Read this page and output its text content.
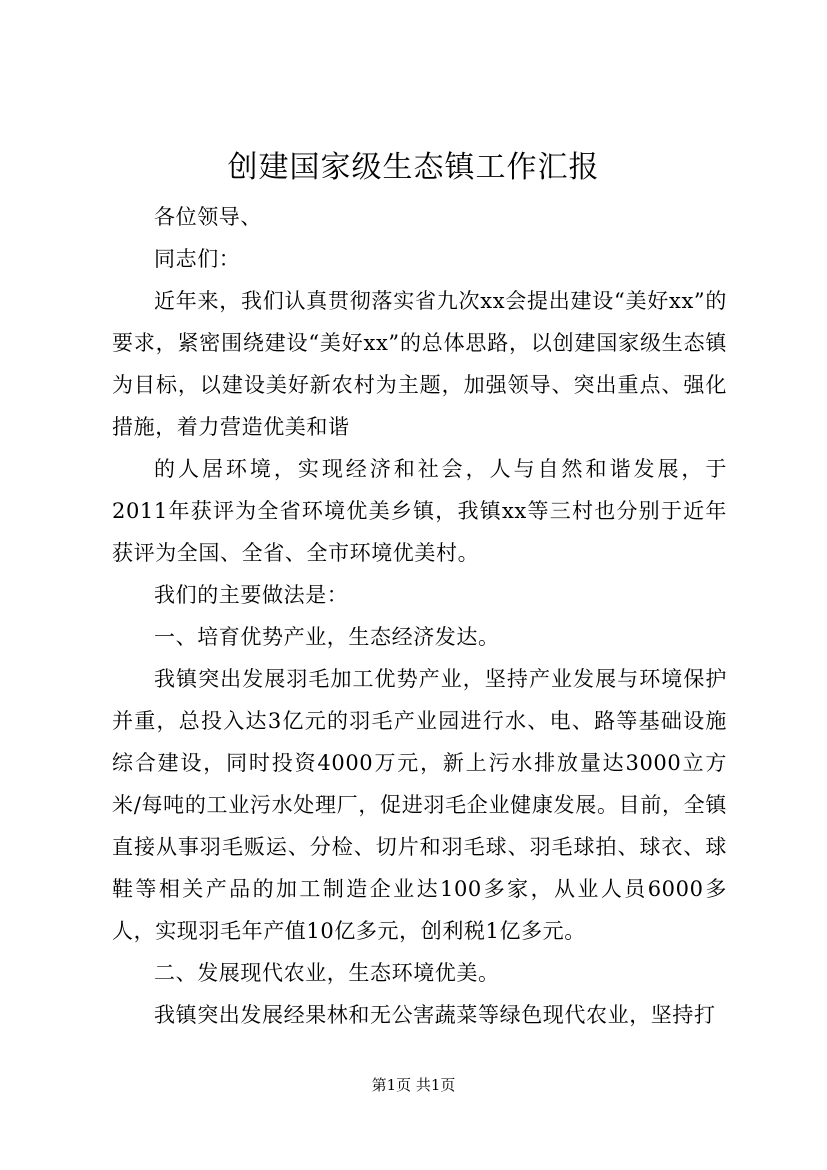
创建国家级生态镇工作汇报

各位领导、

同志们：

近年来，我们认真贯彻落实省九次xx会提出建设“美好xx”的要求，紧密围绕建设“美好xx”的总体思路，以创建国家级生态镇为目标，以建设美好新农村为主题，加强领导、突出重点、强化措施，着力营造优美和谐

的人居环境，实现经济和社会，人与自然和谐发展，于2011年获评为全省环境优美乡镇，我镇xx等三村也分别于近年获评为全国、全省、全市环境优美村。

我们的主要做法是：

一、培育优势产业，生态经济发达。

我镇突出发展羽毛加工优势产业，坚持产业发展与环境保护并重，总投入达3亿元的羽毛产业园进行水、电、路等基础设施综合建设，同时投资4000万元，新上污水排放量达3000立方米/每吨的工业污水处理厂，促进羽毛企业健康发展。目前，全镇直接从事羽毛贩运、分检、切片和羽毛球、羽毛球拍、球衣、球鞋等相关产品的加工制造企业达100多家，从业人员6000多人，实现羽毛年产值10亿多元，创利税1亿多元。

二、发展现代农业，生态环境优美。

我镇突出发展经果林和无公害蔬菜等绿色现代农业，坚持打

第1页 共1页
